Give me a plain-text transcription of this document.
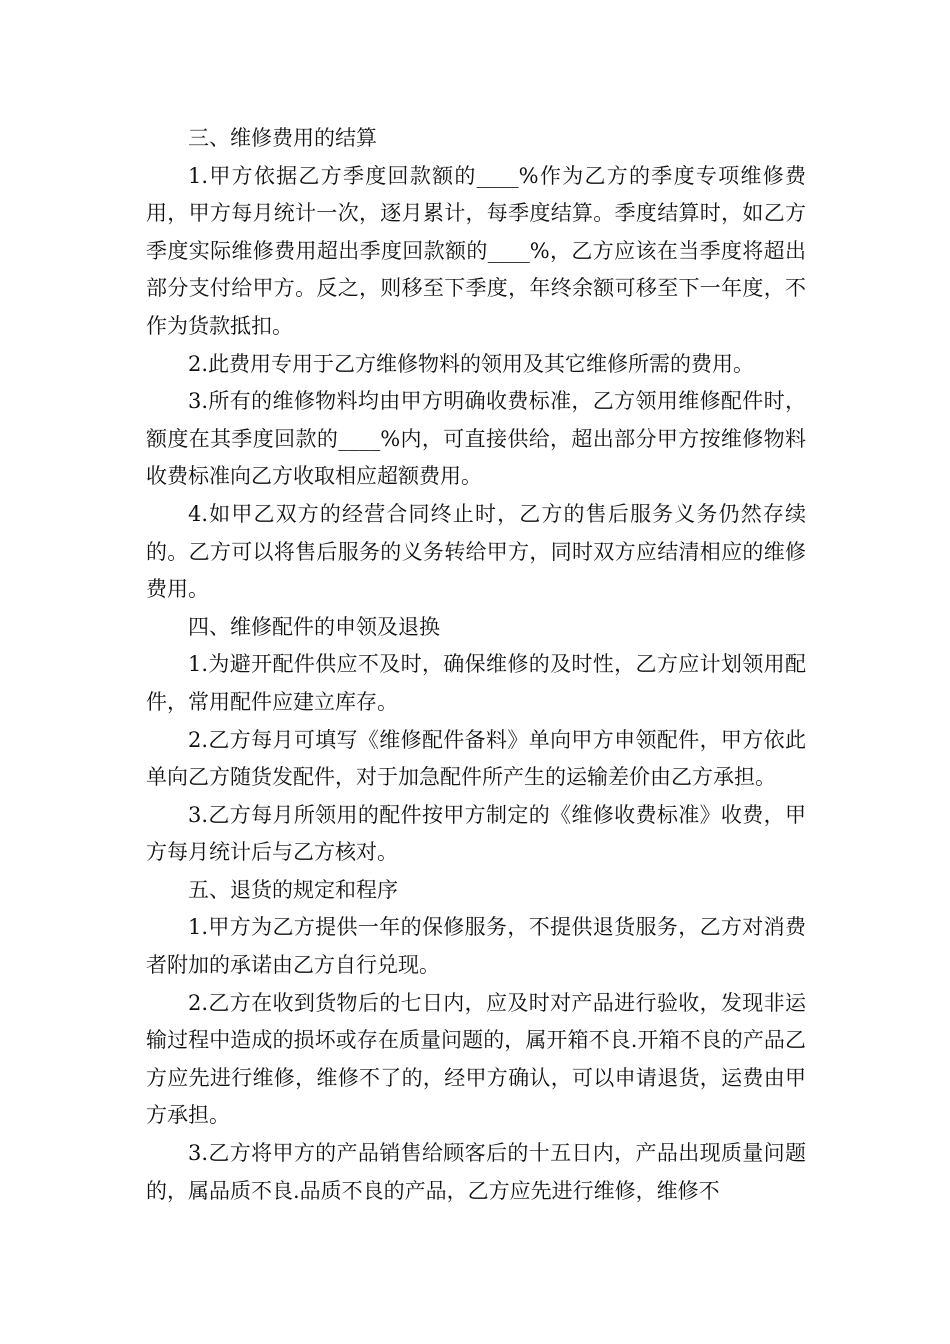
三、维修费用的结算

1.甲方依据乙方季度回款额的____%作为乙方的季度专项维修费用，甲方每月统计一次，逐月累计，每季度结算。季度结算时，如乙方季度实际维修费用超出季度回款额的____%，乙方应该在当季度将超出部分支付给甲方。反之，则移至下季度，年终余额可移至下一年度，不作为货款抵扣。

2.此费用专用于乙方维修物料的领用及其它维修所需的费用。

3.所有的维修物料均由甲方明确收费标准，乙方领用维修配件时，额度在其季度回款的____%内，可直接供给，超出部分甲方按维修物料收费标准向乙方收取相应超额费用。

4.如甲乙双方的经营合同终止时，乙方的售后服务义务仍然存续的。乙方可以将售后服务的义务转给甲方，同时双方应结清相应的维修费用。

四、维修配件的申领及退换

1.为避开配件供应不及时，确保维修的及时性，乙方应计划领用配件，常用配件应建立库存。

2.乙方每月可填写《维修配件备料》单向甲方申领配件，甲方依此单向乙方随货发配件，对于加急配件所产生的运输差价由乙方承担。

3.乙方每月所领用的配件按甲方制定的《维修收费标准》收费，甲方每月统计后与乙方核对。

五、退货的规定和程序

1.甲方为乙方提供一年的保修服务，不提供退货服务，乙方对消费者附加的承诺由乙方自行兑现。

2.乙方在收到货物后的七日内，应及时对产品进行验收，发现非运输过程中造成的损坏或存在质量问题的，属开箱不良.开箱不良的产品乙方应先进行维修，维修不了的，经甲方确认，可以申请退货，运费由甲方承担。

3.乙方将甲方的产品销售给顾客后的十五日内，产品出现质量问题的，属品质不良.品质不良的产品，乙方应先进行维修，维修不
